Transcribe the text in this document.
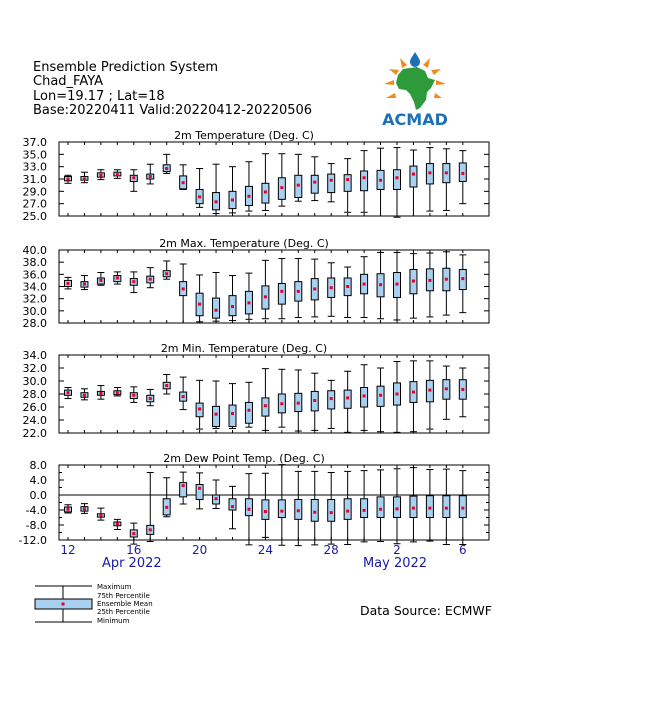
Ensemble Prediction System
Chad_FAYA
Lon=19.17 ; Lat=18
Base:20220411 Valid:20220412-20220506	ACMAD
2m Temperature (Deg. C)
25.0
27.0
29.0
31.0
33.0
35.0
37.0
2m Max. Temperature (Deg. C)
28.0
30.0
32.0
34.0
36.0
38.0
40.0
2m Min. Temperature (Deg. C)
22.0
24.0
26.0
28.0
30.0
32.0
34.0
2m Dew Point Temp. (Deg. C)
-12.0
-8.0
-4.0
0.0
4.0
8.0
12	16	20	24	28	2	6
Apr 2022	May 2022
Maximum
75th Percentile
Ensemble Mean
25th Percentile
Minimum
Data Source: ECMWF
